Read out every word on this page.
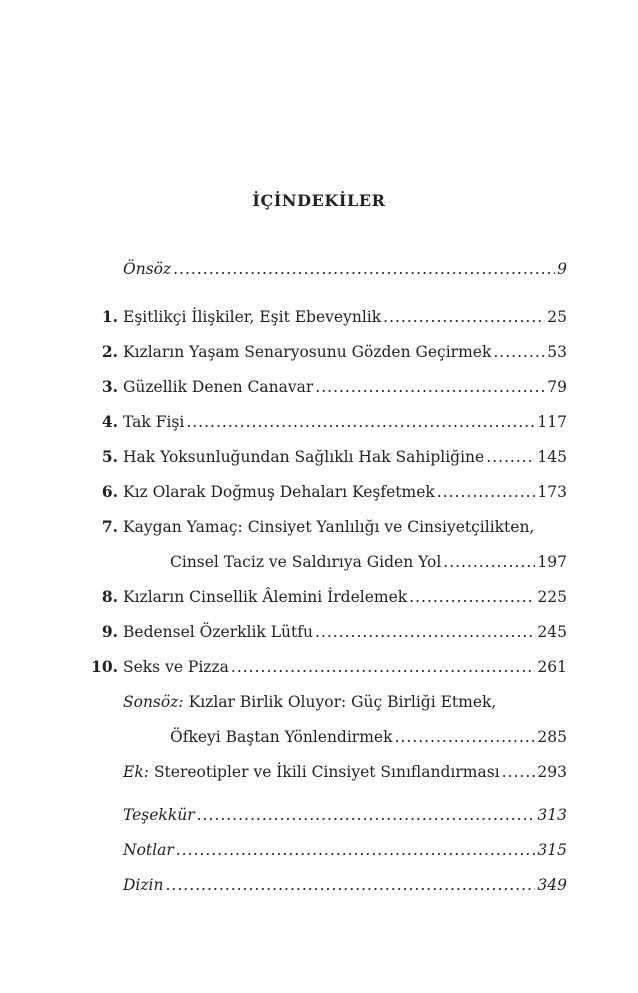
İÇİNDEKİLER
Önsöz .....	9
1. Eşitlikçi İlişkiler, Eşit Ebeveynlik .....	25
2. Kızların Yaşam Senaryosunu Gözden Geçirmek .....	53
3. Güzellik Denen Canavar .....	79
4. Tak Fişi .....	117
5. Hak Yoksunluğundan Sağlıklı Hak Sahipliğine .....	145
6. Kız Olarak Doğmuş Dehaları Keşfetmek .....	173
7. Kaygan Yamaç: Cinsiyet Yanlılığı ve Cinsiyetçilikten,
Cinsel Taciz ve Saldırıya Giden Yol .....	197
8. Kızların Cinsellik Âlemini İrdelemek .....	225
9. Bedensel Özerklik Lütfu .....	245
10. Seks ve Pizza .....	261
Sonsöz: Kızlar Birlik Oluyor: Güç Birliği Etmek,
Öfkeyi Baştan Yönlendirmek .....	285
Ek: Stereotipler ve İkili Cinsiyet Sınıflandırması ..... 293
Teşekkür .....	313
Notlar .....	315
Dizin .....	349
